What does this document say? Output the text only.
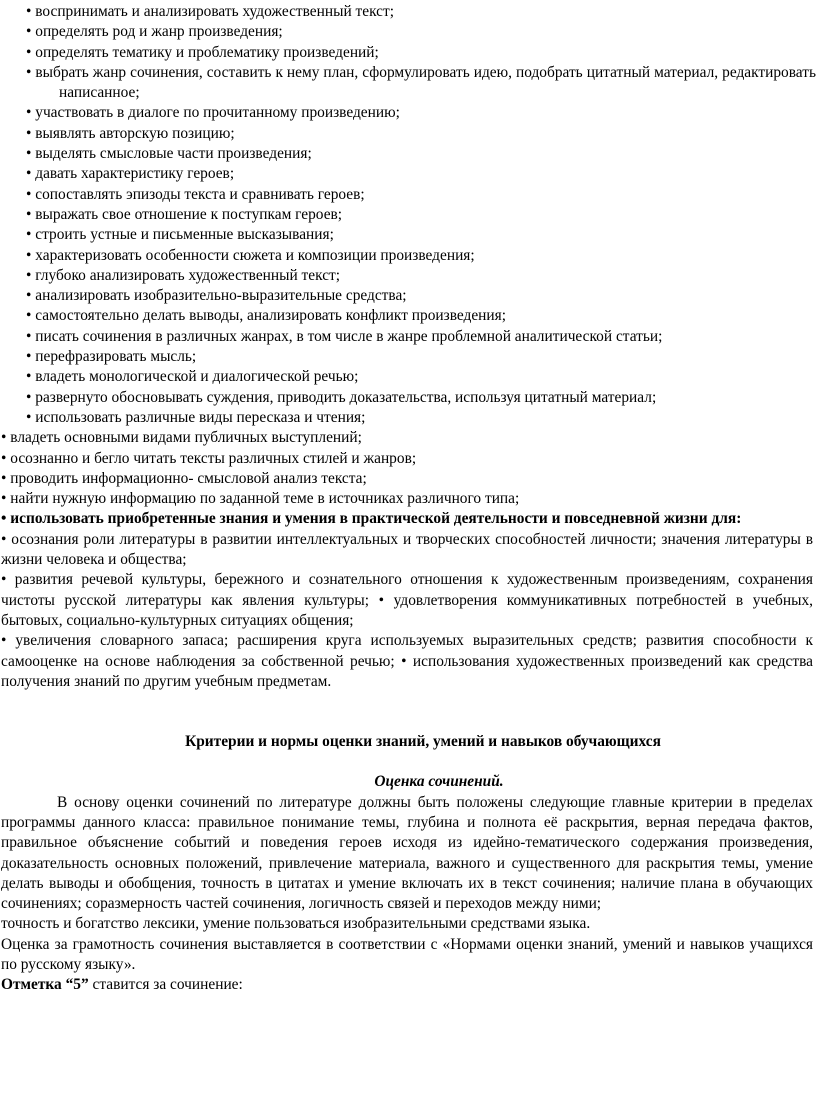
• воспринимать и анализировать художественный текст;

• определять род и жанр произведения;

• определять тематику и проблематику произведений;

• выбрать жанр сочинения, составить к нему план, сформулировать идею, подобрать цитатный материал, редактировать написанное;

• участвовать в диалоге по прочитанному произведению;

• выявлять авторскую позицию;

• выделять смысловые части произведения;

• давать характеристику героев;

• сопоставлять эпизоды текста и сравнивать героев;

• выражать свое отношение к поступкам героев;

• строить устные и письменные высказывания;

• характеризовать особенности сюжета и композиции произведения;

• глубоко анализировать художественный текст;

• анализировать изобразительно-выразительные средства;

• самостоятельно делать выводы, анализировать конфликт произведения;

• писать сочинения в различных жанрах, в том числе в жанре проблемной аналитической статьи;

• перефразировать мысль;

• владеть монологической и диалогической речью;

• развернуто обосновывать суждения, приводить доказательства, используя цитатный материал;

• использовать различные виды пересказа и чтения;

• владеть основными видами публичных выступлений;

• осознанно и бегло читать тексты различных стилей и жанров;

• проводить информационно- смысловой анализ текста;

• найти нужную информацию по заданной теме в источниках различного типа;

• использовать приобретенные знания и умения в практической деятельности и повседневной жизни для:

• осознания роли литературы в развитии интеллектуальных и творческих способностей личности; значения литературы в жизни человека и общества;

• развития речевой культуры, бережного и сознательного отношения к художественным произведениям, сохранения чистоты русской литературы как явления культуры; • удовлетворения коммуникативных потребностей в учебных, бытовых, социально-культурных ситуациях общения;

• увеличения словарного запаса; расширения круга используемых выразительных средств; развития способности к самооценке на основе наблюдения за собственной речью; • использования художественных произведений как средства получения знаний по другим учебным предметам.

Критерии и нормы оценки знаний, умений и навыков обучающихся

Оценка сочинений.

В основу оценки сочинений по литературе должны быть положены следующие главные критерии в пределах программы данного класса: правильное понимание темы, глубина и полнота её раскрытия, верная передача фактов, правильное объяснение событий и поведения героев исходя из идейно-тематического содержания произведения, доказательность основных положений, привлечение материала, важного и существенного для раскрытия темы, умение делать выводы и обобщения, точность в цитатах и умение включать их в текст сочинения; наличие плана в обучающих сочинениях; соразмерность частей сочинения, логичность связей и переходов между ними;

точность и богатство лексики, умение пользоваться изобразительными средствами языка.

Оценка за грамотность сочинения выставляется в соответствии с «Нормами оценки знаний, умений и навыков учащихся по русскому языку».

Отметка “5” ставится за сочинение:
